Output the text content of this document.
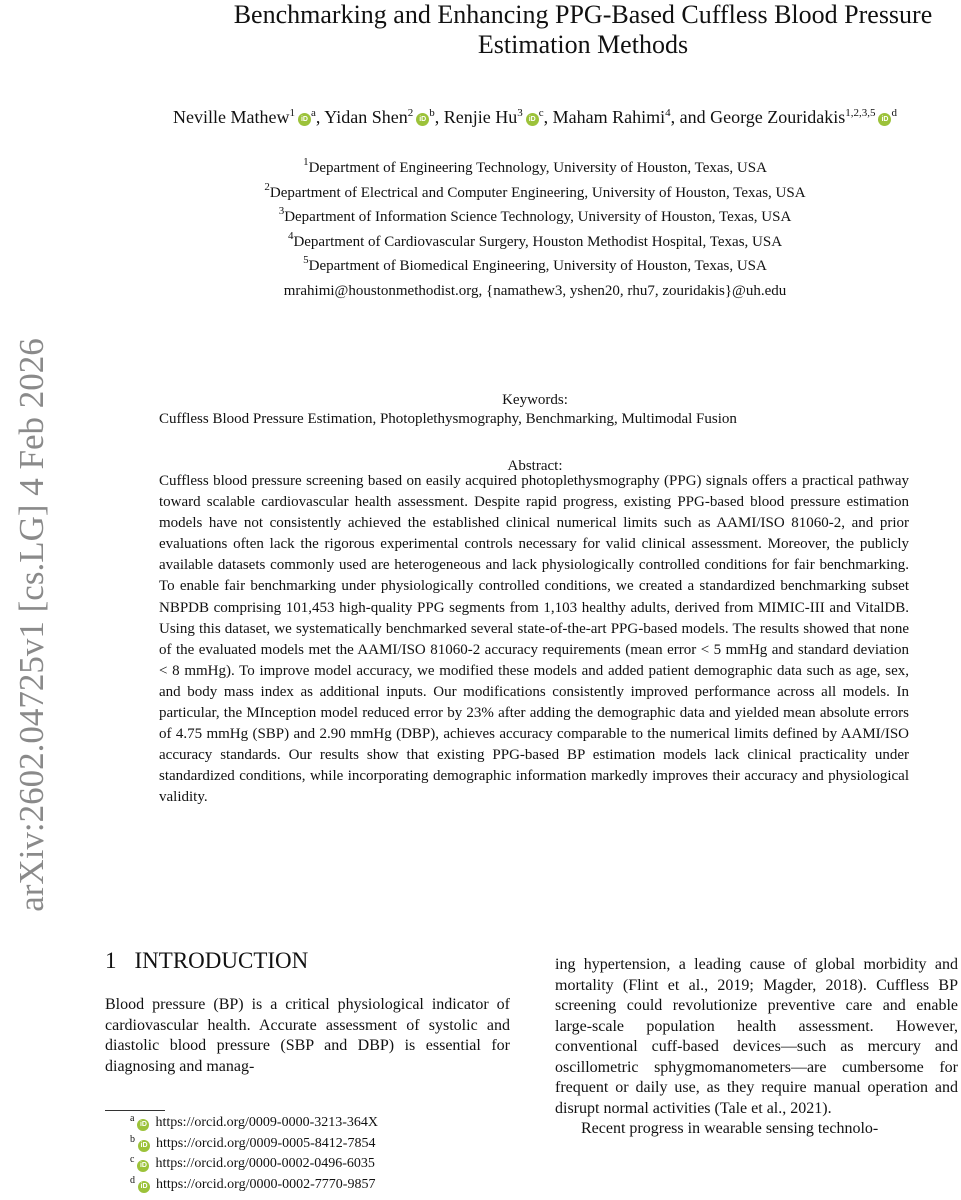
arXiv:2602.04725v1 [cs.LG] 4 Feb 2026
Benchmarking and Enhancing PPG-Based Cuffless Blood Pressure
Estimation Methods
Neville Mathew$^1$iD$^a$, Yidan Shen$^2$iD$^b$, Renjie Hu$^3$iD$^c$, Maham Rahimi$^4$, and George Zouridakis$^{1,2,3,5}$iD$^d$
$^1$Department of Engineering Technology, University of Houston, Texas, USA
$^2$Department of Electrical and Computer Engineering, University of Houston, Texas, USA
$^3$Department of Information Science Technology, University of Houston, Texas, USA
$^4$Department of Cardiovascular Surgery, Houston Methodist Hospital, Texas, USA
$^5$Department of Biomedical Engineering, University of Houston, Texas, USA
mrahimi@houstonmethodist.org, {namathew3, yshen20, rhu7, zouridakis}@uh.edu
Keywords:
Cuffless Blood Pressure Estimation, Photoplethysmography, Benchmarking, Multimodal Fusion
Abstract:
Cuffless blood pressure screening based on easily acquired photoplethysmography (PPG) signals offers a practical pathway toward scalable cardiovascular health assessment. Despite rapid progress, existing PPG-based blood pressure estimation models have not consistently achieved the established clinical numerical limits such as AAMI/ISO 81060-2, and prior evaluations often lack the rigorous experimental controls necessary for valid clinical assessment. Moreover, the publicly available datasets commonly used are heterogeneous and lack physiologically controlled conditions for fair benchmarking. To enable fair benchmarking under physiologically controlled conditions, we created a standardized benchmarking subset NBPDB comprising 101,453 high-quality PPG segments from 1,103 healthy adults, derived from MIMIC-III and VitalDB. Using this dataset, we systematically benchmarked several state-of-the-art PPG-based models. The results showed that none of the evaluated models met the AAMI/ISO 81060-2 accuracy requirements (mean error < 5 mmHg and standard deviation < 8 mmHg). To improve model accuracy, we modified these models and added patient demographic data such as age, sex, and body mass index as additional inputs. Our modifications consistently improved performance across all models. In particular, the MInception model reduced error by 23% after adding the demographic data and yielded mean absolute errors of 4.75 mmHg (SBP) and 2.90 mmHg (DBP), achieves accuracy comparable to the numerical limits defined by AAMI/ISO accuracy standards. Our results show that existing PPG-based BP estimation models lack clinical practicality under standardized conditions, while incorporating demographic information markedly improves their accuracy and physiological validity.
1 INTRODUCTION
Blood pressure (BP) is a critical physiological indicator of cardiovascular health. Accurate assessment of systolic and diastolic blood pressure (SBP and DBP) is essential for diagnosing and manag-
ing hypertension, a leading cause of global morbidity and mortality (Flint et al., 2019; Magder, 2018). Cuffless BP screening could revolutionize preventive care and enable large-scale population health assessment. However, conventional cuff-based devices—such as mercury and oscillometric sphygmomanometers—are cumbersome for frequent or daily use, as they require manual operation and disrupt normal activities (Tale et al., 2021).
Recent progress in wearable sensing technolo-
$^a$iD https://orcid.org/0009-0000-3213-364X
$^b$iD https://orcid.org/0009-0005-8412-7854
$^c$iD https://orcid.org/0000-0002-0496-6035
$^d$iD https://orcid.org/0000-0002-7770-9857
